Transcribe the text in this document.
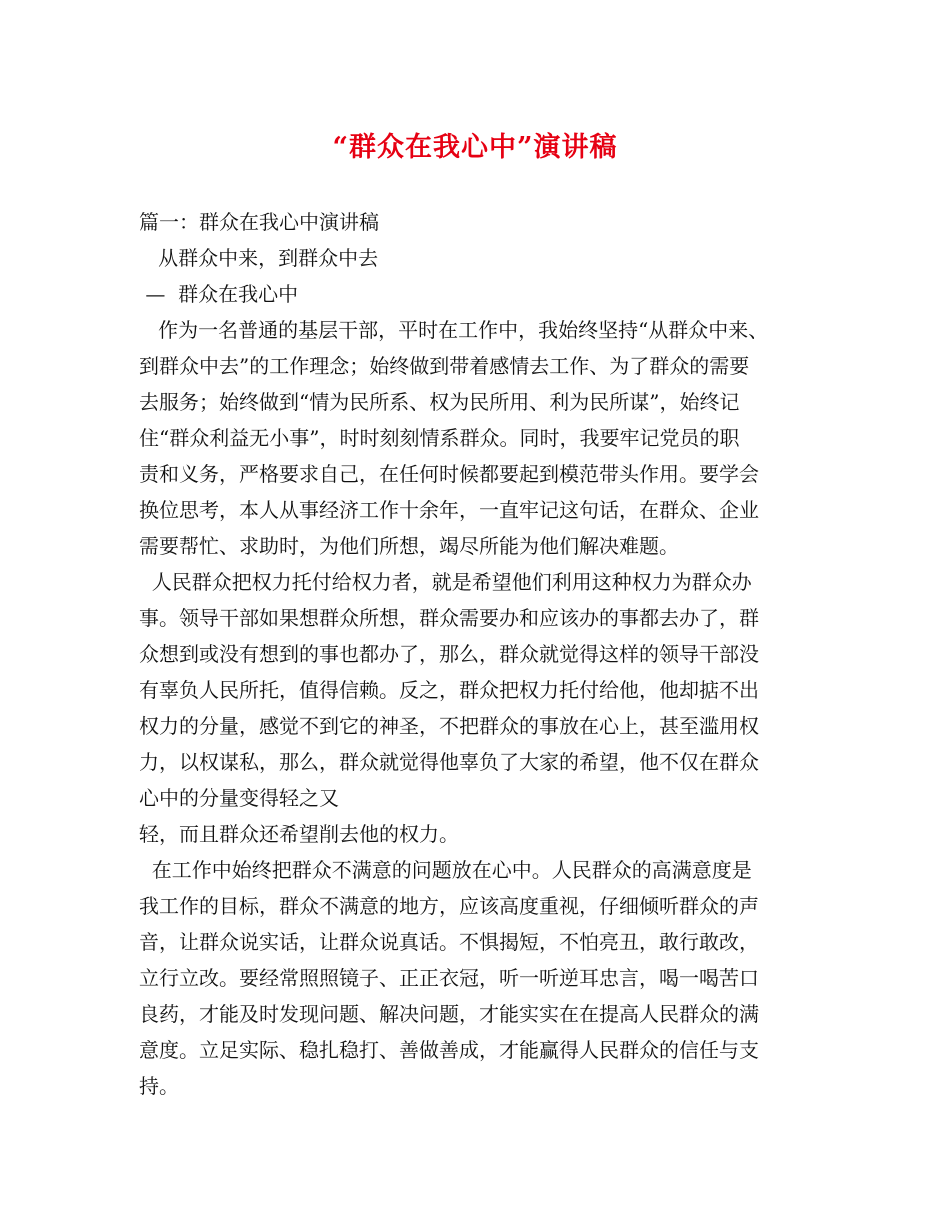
“群众在我心中”演讲稿
篇一：群众在我心中演讲稿
从群众中来，到群众中去
—  群众在我心中
作为一名普通的基层干部，平时在工作中，我始终坚持“从群众中来、
到群众中去”的工作理念；始终做到带着感情去工作、为了群众的需要
去服务；始终做到“情为民所系、权为民所用、利为民所谋”，始终记
住“群众利益无小事”，时时刻刻情系群众。同时，我要牢记党员的职
责和义务，严格要求自己，在任何时候都要起到模范带头作用。要学会
换位思考，本人从事经济工作十余年，一直牢记这句话，在群众、企业
需要帮忙、求助时，为他们所想，竭尽所能为他们解决难题。
人民群众把权力托付给权力者，就是希望他们利用这种权力为群众办
事。领导干部如果想群众所想，群众需要办和应该办的事都去办了，群
众想到或没有想到的事也都办了，那么，群众就觉得这样的领导干部没
有辜负人民所托，值得信赖。反之，群众把权力托付给他，他却掂不出
权力的分量，感觉不到它的神圣，不把群众的事放在心上，甚至滥用权
力，以权谋私，那么，群众就觉得他辜负了大家的希望，他不仅在群众
心中的分量变得轻之又
轻，而且群众还希望削去他的权力。
在工作中始终把群众不满意的问题放在心中。人民群众的高满意度是
我工作的目标，群众不满意的地方，应该高度重视，仔细倾听群众的声
音，让群众说实话，让群众说真话。不惧揭短，不怕亮丑，敢行敢改，
立行立改。要经常照照镜子、正正衣冠，听一听逆耳忠言，喝一喝苦口
良药，才能及时发现问题、解决问题，才能实实在在提高人民群众的满
意度。立足实际、稳扎稳打、善做善成，才能赢得人民群众的信任与支
持。
